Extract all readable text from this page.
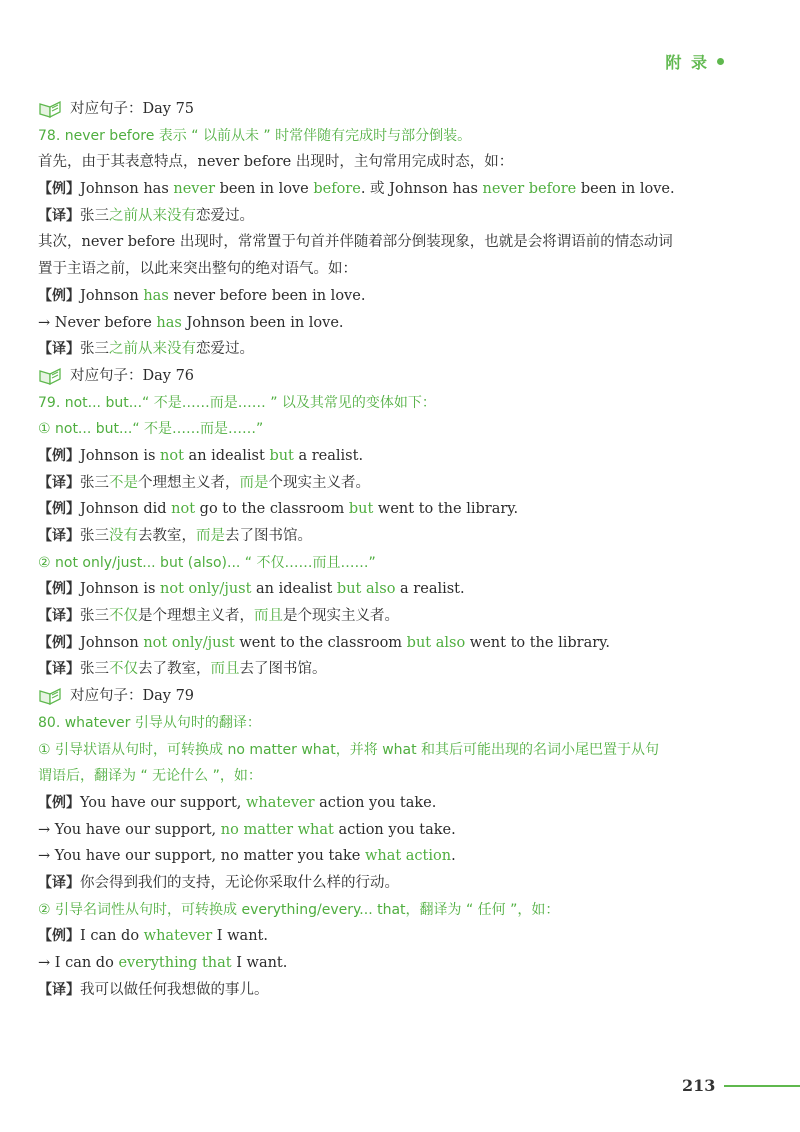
附 录
对应句子：Day 75
78. never before 表示 “ 以前从未 ” 时常伴随有完成时与部分倒装。
首先，由于其表意特点，never before 出现时，主句常用完成时态，如：
【例】Johnson has never been in love before. 或 Johnson has never before been in love.
【译】张三之前从来没有恋爱过。
其次，never before 出现时，常常置于句首并伴随着部分倒装现象，也就是会将谓语前的情态动词
置于主语之前，以此来突出整句的绝对语气。如：
【例】Johnson has never before been in love.
→ Never before has Johnson been in love.
【译】张三之前从来没有恋爱过。
对应句子：Day 76
79. not... but...“ 不是……而是…… ” 以及其常见的变体如下：
① not... but...“ 不是……而是……”
【例】Johnson is not an idealist but a realist.
【译】张三不是个理想主义者，而是个现实主义者。
【例】Johnson did not go to the classroom but went to the library.
【译】张三没有去教室，而是去了图书馆。
② not only/just... but (also)... “ 不仅……而且……”
【例】Johnson is not only/just an idealist but also a realist.
【译】张三不仅是个理想主义者，而且是个现实主义者。
【例】Johnson not only/just went to the classroom but also went to the library.
【译】张三不仅去了教室，而且去了图书馆。
对应句子：Day 79
80. whatever 引导从句时的翻译：
① 引导状语从句时，可转换成 no matter what，并将 what 和其后可能出现的名词小尾巴置于从句
谓语后，翻译为 “ 无论什么 ”，如：
【例】You have our support, whatever action you take.
→ You have our support, no matter what action you take.
→ You have our support, no matter you take what action.
【译】你会得到我们的支持，无论你采取什么样的行动。
② 引导名词性从句时，可转换成 everything/every... that，翻译为 “ 任何 ”，如：
【例】I can do whatever I want.
→ I can do everything that I want.
【译】我可以做任何我想做的事儿。
213
